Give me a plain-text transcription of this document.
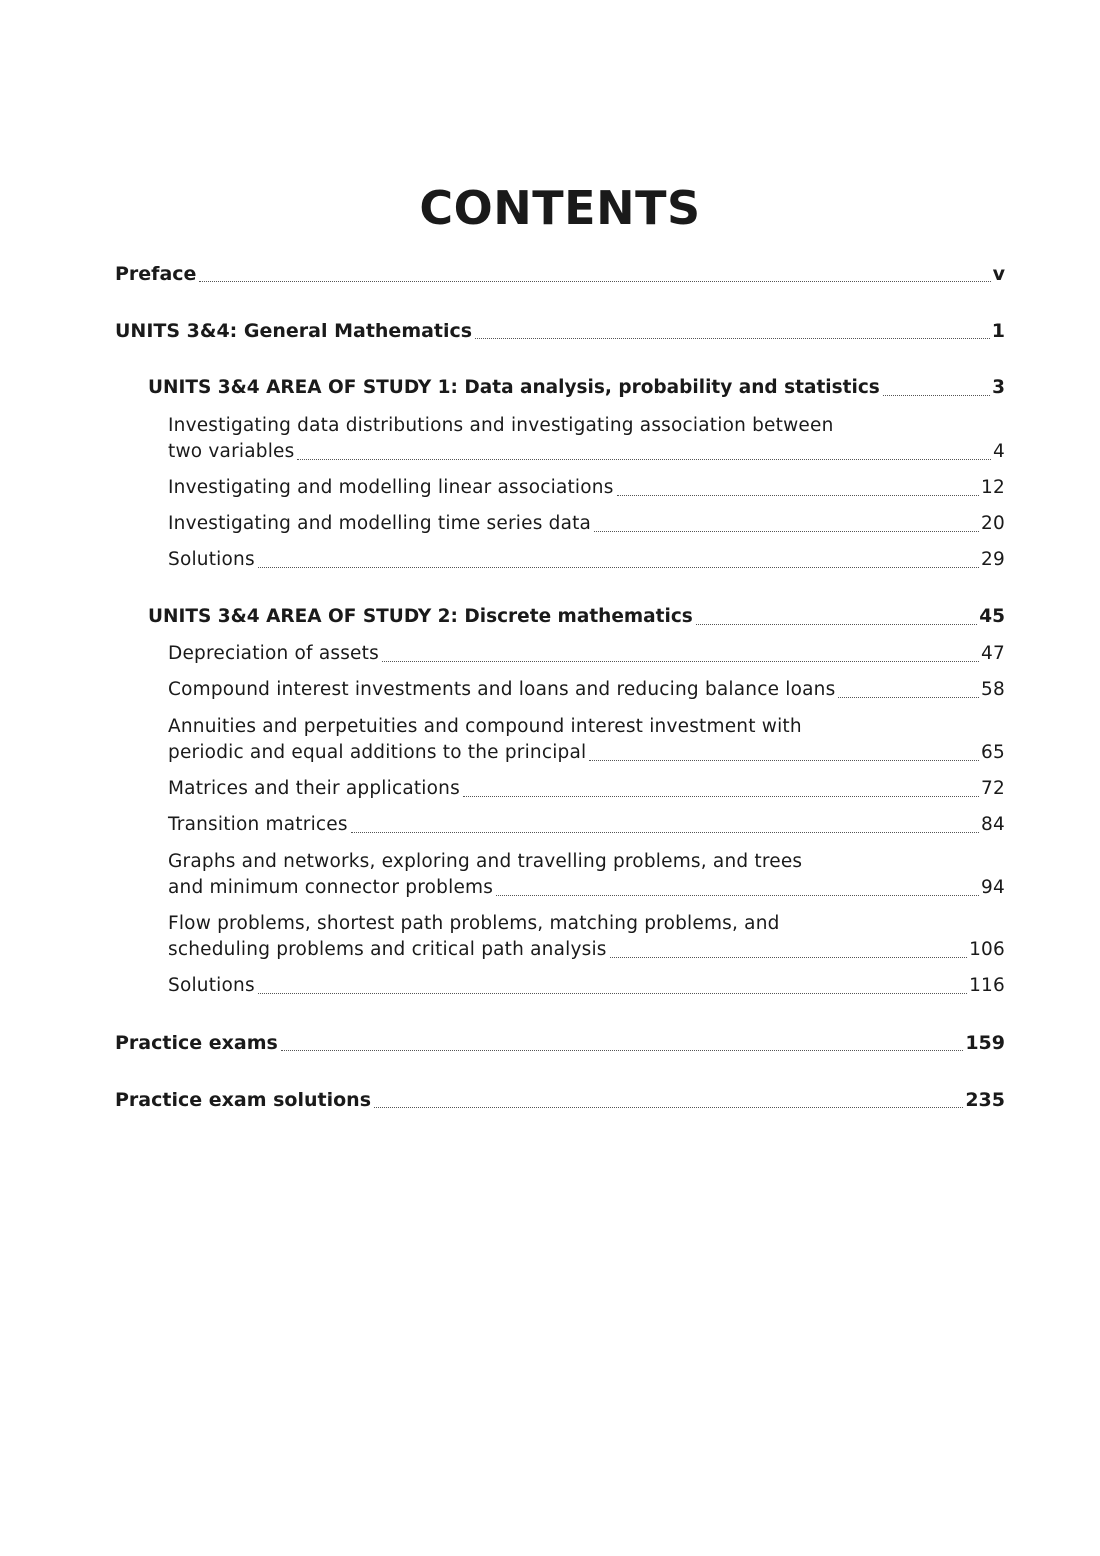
CONTENTS
Preface	v
UNITS 3&4: General Mathematics	1
UNITS 3&4 AREA OF STUDY 1: Data analysis, probability and statistics	3
Investigating data distributions and investigating association between
two variables	4
Investigating and modelling linear associations	12
Investigating and modelling time series data	20
Solutions	29
UNITS 3&4 AREA OF STUDY 2: Discrete mathematics	45
Depreciation of assets	47
Compound interest investments and loans and reducing balance loans	58
Annuities and perpetuities and compound interest investment with
periodic and equal additions to the principal	65
Matrices and their applications	72
Transition matrices	84
Graphs and networks, exploring and travelling problems, and trees
and minimum connector problems	94
Flow problems, shortest path problems, matching problems, and
scheduling problems and critical path analysis	106
Solutions	116
Practice exams	159
Practice exam solutions	235
